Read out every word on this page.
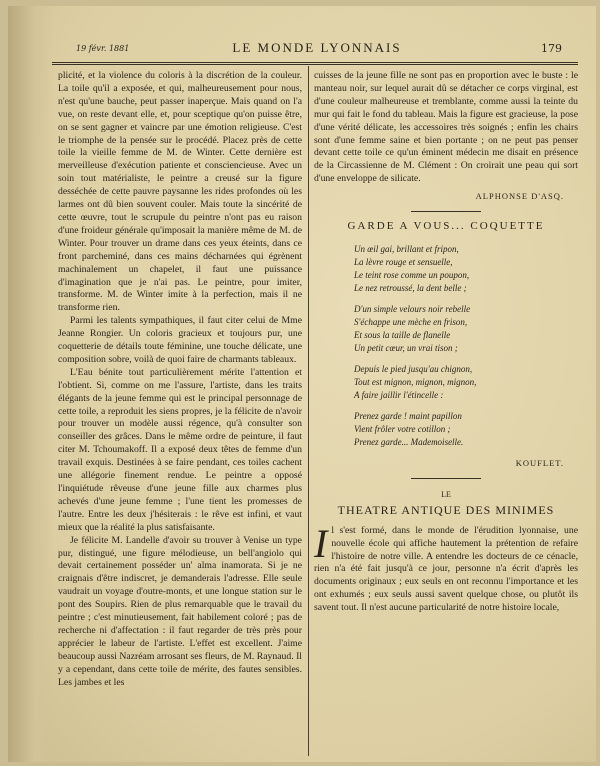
19 févr. 1881	LE MONDE LYONNAIS	179

plicité, et la violence du coloris à la discrétion de la couleur. La toile qu'il a exposée, et qui, malheureusement pour nous, n'est qu'une bauche, peut passer inaperçue. Mais quand on l'a vue, on reste devant elle, et, pour sceptique qu'on puisse être, on se sent gagner et vaincre par une émotion religieuse. C'est le triomphe de la pensée sur le procédé. Placez près de cette toile la vieille femme de M. de Winter. Cette dernière est merveilleuse d'exécution patiente et consciencieuse. Avec un soin tout matérialiste, le peintre a creusé sur la figure desséchée de cette pauvre paysanne les rides profondes où les larmes ont dû bien souvent couler. Mais toute la sincérité de cette œuvre, tout le scrupule du peintre n'ont pas eu raison d'une froideur générale qu'imposait la manière même de M. de Winter. Pour trouver un drame dans ces yeux éteints, dans ce front parcheminé, dans ces mains décharnées qui égrènent machinalement un chapelet, il faut une puissance d'imagination que je n'ai pas. Le peintre, pour imiter, transforme. M. de Winter imite à la perfection, mais il ne transforme rien.

Parmi les talents sympathiques, il faut citer celui de Mme Jeanne Rongier. Un coloris gracieux et toujours pur, une coquetterie de détails toute féminine, une touche délicate, une composition sobre, voilà de quoi faire de charmants tableaux.

L'Eau bénite tout particulièrement mérite l'attention et l'obtient. Si, comme on me l'assure, l'artiste, dans les traits élégants de la jeune femme qui est le principal personnage de cette toile, a reproduit les siens propres, je la félicite de n'avoir pour trouver un modèle aussi régence, qu'à consulter son conseiller des grâces. Dans le même ordre de peinture, il faut citer M. Tchoumakoff. Il a exposé deux têtes de femme d'un travail exquis. Destinées à se faire pendant, ces toiles cachent une allégorie finement rendue. Le peintre a opposé l'inquiétude rêveuse d'une jeune fille aux charmes plus achevés d'une jeune femme ; l'une tient les promesses de l'autre. Entre les deux j'hésiterais : le rêve est infini, et vaut mieux que la réalité la plus satisfaisante.

Je félicite M. Landelle d'avoir su trouver à Venise un type pur, distingué, une figure mélodieuse, un bell'angiolo qui devait certainement posséder un' alma inamorata. Si je ne craignais d'être indiscret, je demanderais l'adresse. Elle seule vaudrait un voyage d'outre-monts, et une longue station sur le pont des Soupirs. Rien de plus remarquable que le travail du peintre ; c'est minutieusement, fait habilement coloré ; pas de recherche ni d'affectation : il faut regarder de très près pour apprécier le labeur de l'artiste. L'effet est excellent. J'aime beaucoup aussi Nazréam arrosant ses fleurs, de M. Raynaud. Il y a cependant, dans cette toile de mérite, des fautes sensibles. Les jambes et les

cuisses de la jeune fille ne sont pas en proportion avec le buste : le manteau noir, sur lequel aurait dû se détacher ce corps virginal, est d'une couleur malheureuse et tremblante, comme aussi la teinte du mur qui fait le fond du tableau. Mais la figure est gracieuse, la pose d'une vérité délicate, les accessoires très soignés ; enfin les chairs sont d'une femme saine et bien portante ; on ne peut pas penser devant cette toile ce qu'un éminent médecin me disait en présence de la Circassienne de M. Clément : On croirait une peau qui sort d'une enveloppe de silicate.

ALPHONSE D'ASQ.

GARDE A VOUS... COQUETTE

Un œil gai, brillant et fripon,
La lèvre rouge et sensuelle,
Le teint rose comme un poupon,
Le nez retroussé, la dent belle ;
D'un simple velours noir rebelle
S'échappe une mèche en frison,
Et sous la taille de flanelle
Un petit cœur, un vrai tison ;
Depuis le pied jusqu'au chignon,
Tout est mignon, mignon, mignon,
A faire jaillir l'étincelle :
Prenez garde ! maint papillon
Vient frôler votre cotillon ;
Prenez garde... Mademoiselle.

KOUFLET.

LE

THEATRE ANTIQUE DES MINIMES

Il s'est formé, dans le monde de l'érudition lyonnaise, une nouvelle école qui affiche hautement la prétention de refaire l'histoire de notre ville. A entendre les docteurs de ce cénacle, rien n'a été fait jusqu'à ce jour, personne n'a écrit d'après les documents originaux ; eux seuls en ont reconnu l'importance et les ont exhumés ; eux seuls aussi savent quelque chose, ou plutôt ils savent tout. Il n'est aucune particularité de notre histoire locale,
